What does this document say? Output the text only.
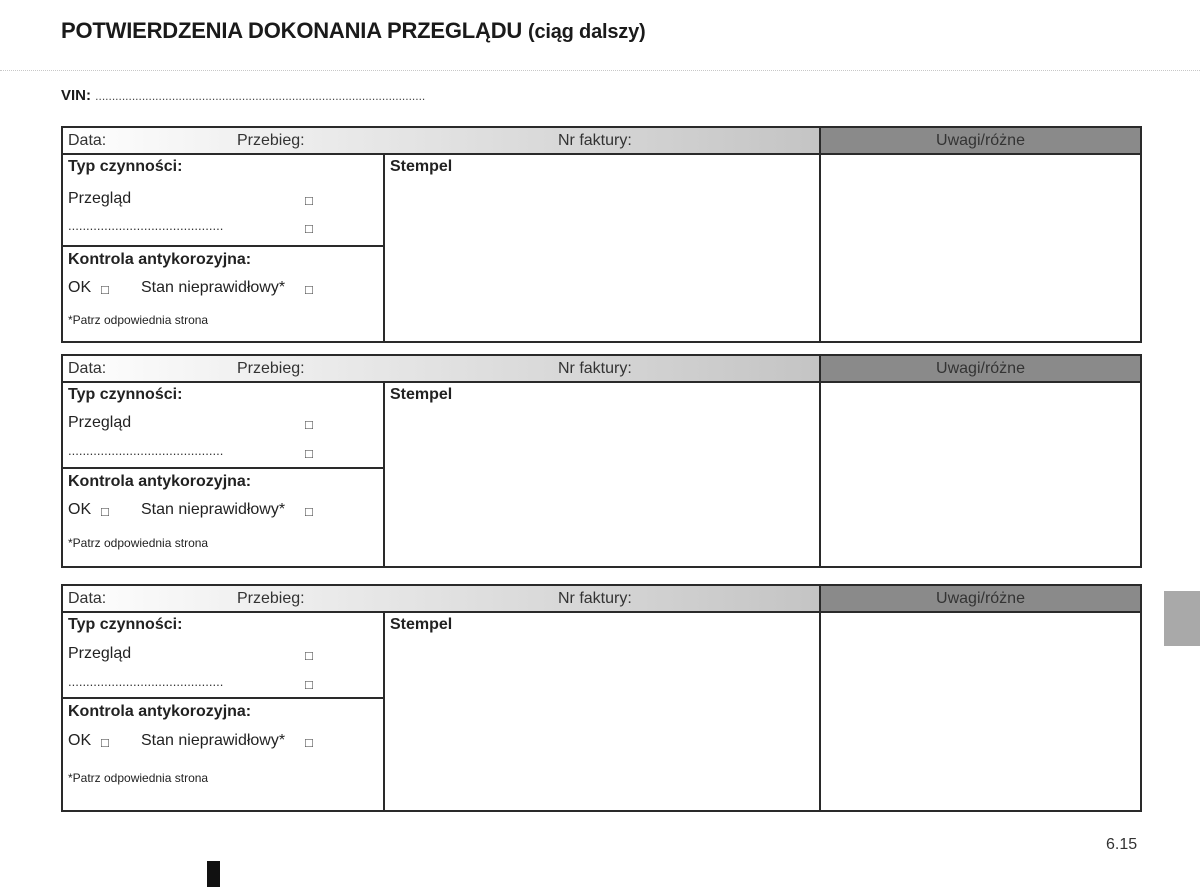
POTWIERDZENIA DOKONANIA PRZEGLĄDU (ciąg dalszy)
VIN: ...................................................................................................
Data:	Przebieg:	Nr faktury:	Uwagi/różne
Typ czynności:
Przegląd	□
...........................................	□
Kontrola antykorozyjna:
OK □ Stan nieprawidłowy* □
*Patrz odpowiednia strona
Stempel
Data:	Przebieg:	Nr faktury:	Uwagi/różne
Typ czynności:
Przegląd	□
...........................................	□
Kontrola antykorozyjna:
OK □ Stan nieprawidłowy* □
*Patrz odpowiednia strona
Stempel
Data:	Przebieg:	Nr faktury:	Uwagi/różne
Typ czynności:
Przegląd	□
...........................................	□
Kontrola antykorozyjna:
OK □ Stan nieprawidłowy* □
*Patrz odpowiednia strona
Stempel
6.15
